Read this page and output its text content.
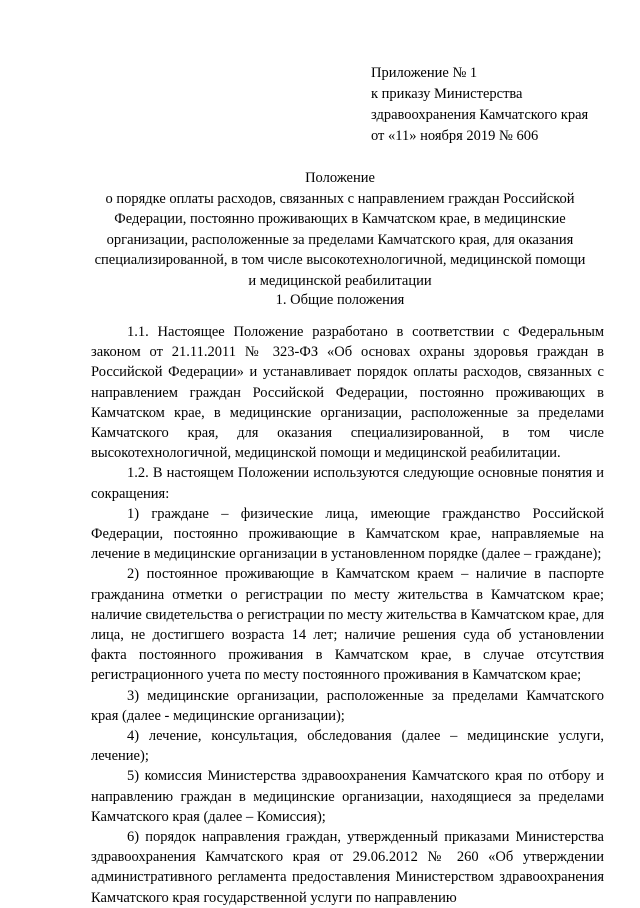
Приложение № 1
к приказу Министерства
здравоохранения Камчатского края
от «11» ноября 2019 № 606
Положение
о порядке оплаты расходов, связанных с направлением граждан Российской
Федерации, постоянно проживающих в Камчатском крае, в медицинские
организации, расположенные за пределами Камчатского края, для оказания
специализированной, в том числе высокотехнологичной, медицинской помощи
и медицинской реабилитации
1. Общие положения

1.1. Настоящее Положение разработано в соответствии с Федеральным законом от 21.11.2011 № 323-ФЗ «Об основах охраны здоровья граждан в Российской Федерации» и устанавливает порядок оплаты расходов, связанных с направлением граждан Российской Федерации, постоянно проживающих в Камчатском крае, в медицинские организации, расположенные за пределами Камчатского края, для оказания специализированной, в том числе высокотехнологичной, медицинской помощи и медицинской реабилитации.

1.2. В настоящем Положении используются следующие основные понятия и сокращения:

1) граждане – физические лица, имеющие гражданство Российской Федерации, постоянно проживающие в Камчатском крае, направляемые на лечение в медицинские организации в установленном порядке (далее – граждане);

2) постоянное проживающие в Камчатском краем – наличие в паспорте гражданина отметки о регистрации по месту жительства в Камчатском крае; наличие свидетельства о регистрации по месту жительства в Камчатском крае, для лица, не достигшего возраста 14 лет; наличие решения суда об установлении факта постоянного проживания в Камчатском крае, в случае отсутствия регистрационного учета по месту постоянного проживания в Камчатском крае;

3) медицинские организации, расположенные за пределами Камчатского края (далее - медицинские организации);

4) лечение, консультация, обследования (далее – медицинские услуги, лечение);

5) комиссия Министерства здравоохранения Камчатского края по отбору и направлению граждан в медицинские организации, находящиеся за пределами Камчатского края (далее – Комиссия);

6) порядок направления граждан, утвержденный приказами Министерства здравоохранения Камчатского края от 29.06.2012 № 260 «Об утверждении административного регламента предоставления Министерством здравоохранения Камчатского края государственной услуги по направлению
